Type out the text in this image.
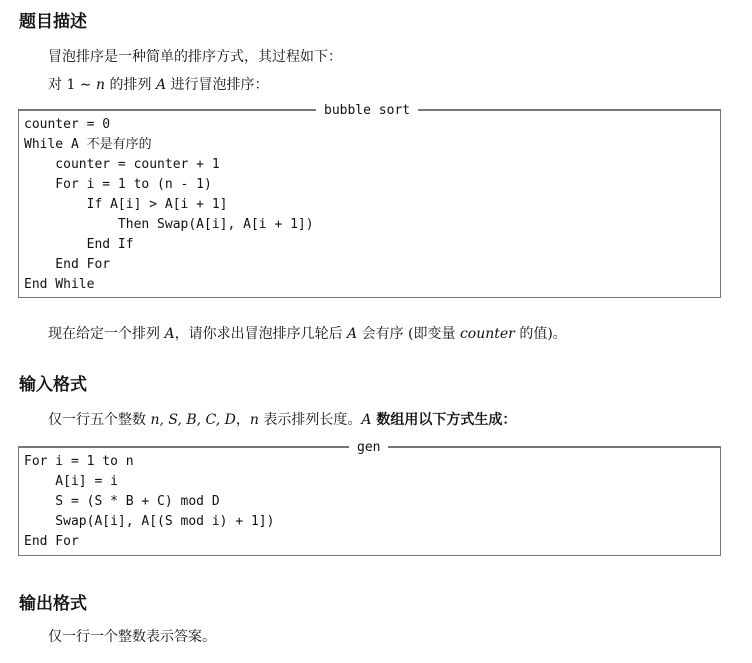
题目描述

冒泡排序是一种简单的排序方式，其过程如下：

对 1 ∼ n 的排列 A 进行冒泡排序：

bubble sort
counter = 0
While A 不是有序的
counter = counter + 1
For i = 1 to (n - 1)
If A[i] > A[i + 1]
Then Swap(A[i], A[i + 1])
End If
End For
End While

现在给定一个排列 A，请你求出冒泡排序几轮后 A 会有序 (即变量 counter 的值)。

输入格式

仅一行五个整数 n, S, B, C, D，n 表示排列长度。A 数组用以下方式生成：

gen
For i = 1 to n
A[i] = i
S = (S * B + C) mod D
Swap(A[i], A[(S mod i) + 1])
End For
输出格式

仅一行一个整数表示答案。
